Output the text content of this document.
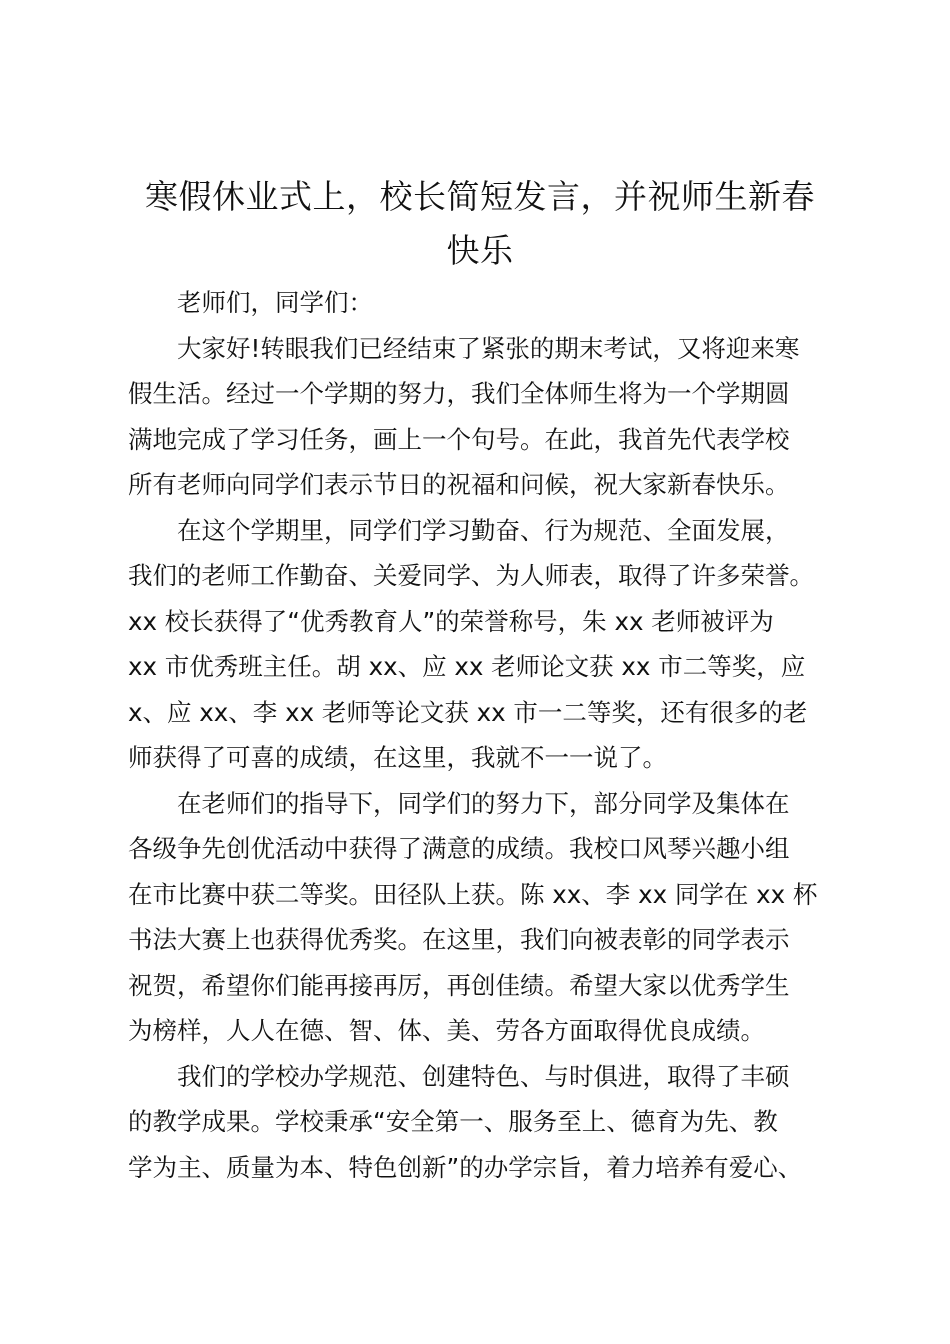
寒假休业式上，校长简短发言，并祝师生新春
快乐

老师们，同学们：

大家好!转眼我们已经结束了紧张的期末考试，又将迎来寒
假生活。经过一个学期的努力，我们全体师生将为一个学期圆
满地完成了学习任务，画上一个句号。在此，我首先代表学校
所有老师向同学们表示节日的祝福和问候，祝大家新春快乐。

在这个学期里，同学们学习勤奋、行为规范、全面发展，
我们的老师工作勤奋、关爱同学、为人师表，取得了许多荣誉。
xx 校长获得了“优秀教育人”的荣誉称号，朱 xx 老师被评为
xx 市优秀班主任。胡 xx、应 xx 老师论文获 xx 市二等奖，应
x、应 xx、李 xx 老师等论文获 xx 市一二等奖，还有很多的老
师获得了可喜的成绩，在这里，我就不一一说了。

在老师们的指导下，同学们的努力下，部分同学及集体在
各级争先创优活动中获得了满意的成绩。我校口风琴兴趣小组
在市比赛中获二等奖。田径队上获。陈 xx、李 xx 同学在 xx 杯
书法大赛上也获得优秀奖。在这里，我们向被表彰的同学表示
祝贺，希望你们能再接再厉，再创佳绩。希望大家以优秀学生
为榜样，人人在德、智、体、美、劳各方面取得优良成绩。

我们的学校办学规范、创建特色、与时俱进，取得了丰硕
的教学成果。学校秉承“安全第一、服务至上、德育为先、教
学为主、质量为本、特色创新”的办学宗旨，着力培养有爱心、
